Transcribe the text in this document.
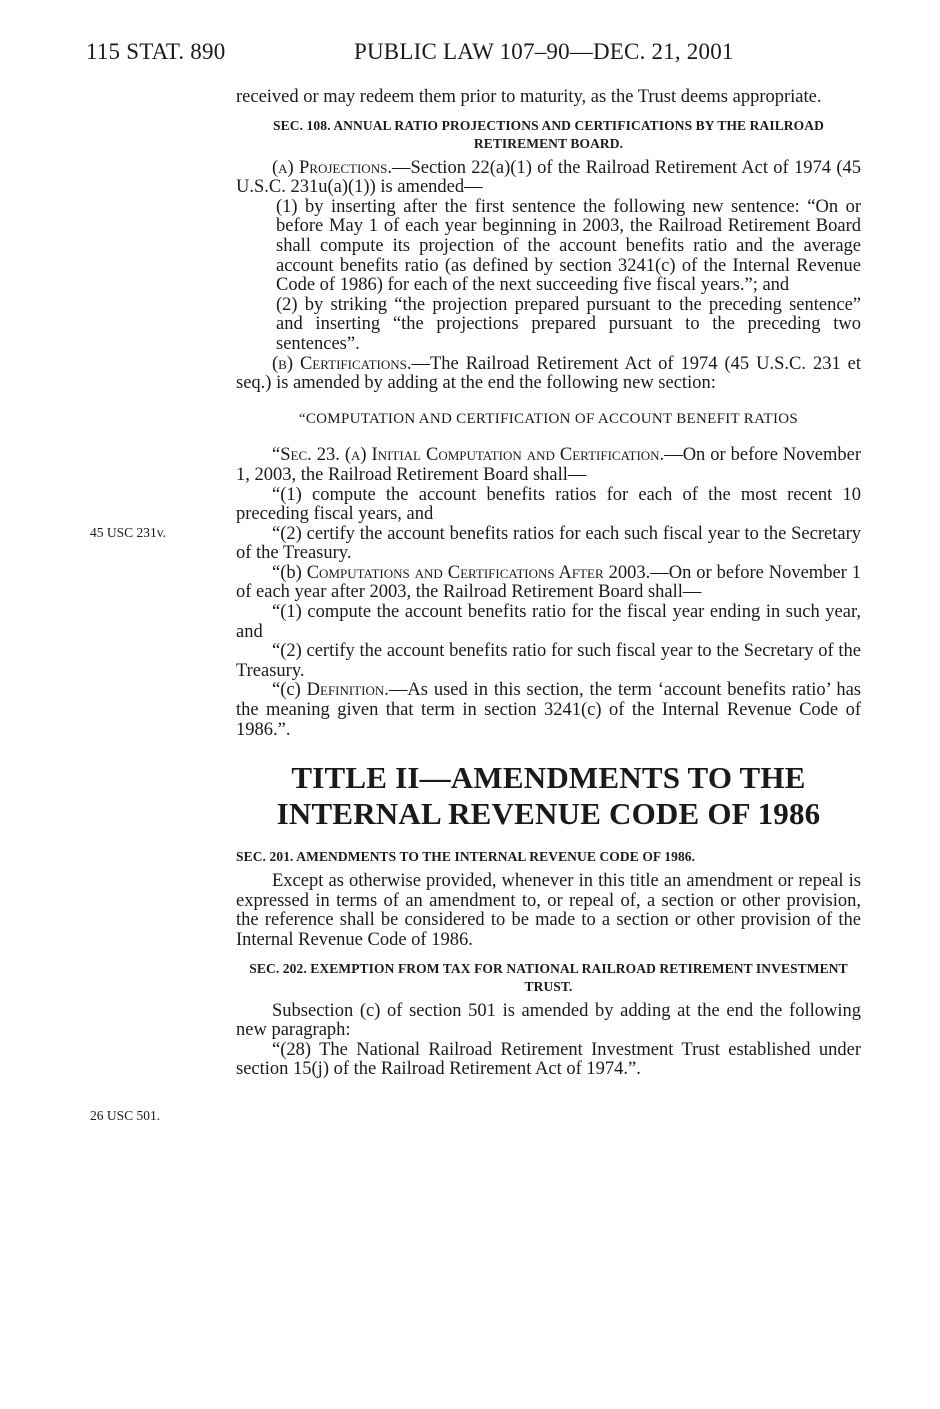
115 STAT. 890	PUBLIC LAW 107–90—DEC. 21, 2001
45 USC 231v.
26 USC 501.

received or may redeem them prior to maturity, as the Trust deems appropriate.

SEC. 108. ANNUAL RATIO PROJECTIONS AND CERTIFICATIONS BY THE RAILROAD RETIREMENT BOARD.

(a) Projections.—Section 22(a)(1) of the Railroad Retirement Act of 1974 (45 U.S.C. 231u(a)(1)) is amended—

(1) by inserting after the first sentence the following new sentence: “On or before May 1 of each year beginning in 2003, the Railroad Retirement Board shall compute its projection of the account benefits ratio and the average account benefits ratio (as defined by section 3241(c) of the Internal Revenue Code of 1986) for each of the next succeeding five fiscal years.”; and

(2) by striking “the projection prepared pursuant to the preceding sentence” and inserting “the projections prepared pursuant to the preceding two sentences”.

(b) Certifications.—The Railroad Retirement Act of 1974 (45 U.S.C. 231 et seq.) is amended by adding at the end the following new section:

“COMPUTATION AND CERTIFICATION OF ACCOUNT BENEFIT RATIOS

“Sec. 23. (a) Initial Computation and Certification.—On or before November 1, 2003, the Railroad Retirement Board shall—

“(1) compute the account benefits ratios for each of the most recent 10 preceding fiscal years, and

“(2) certify the account benefits ratios for each such fiscal year to the Secretary of the Treasury.

“(b) Computations and Certifications After 2003.—On or before November 1 of each year after 2003, the Railroad Retirement Board shall—

“(1) compute the account benefits ratio for the fiscal year ending in such year, and

“(2) certify the account benefits ratio for such fiscal year to the Secretary of the Treasury.

“(c) Definition.—As used in this section, the term ‘account benefits ratio’ has the meaning given that term in section 3241(c) of the Internal Revenue Code of 1986.”.

TITLE II—AMENDMENTS TO THE
INTERNAL REVENUE CODE OF 1986

SEC. 201. AMENDMENTS TO THE INTERNAL REVENUE CODE OF 1986.

Except as otherwise provided, whenever in this title an amendment or repeal is expressed in terms of an amendment to, or repeal of, a section or other provision, the reference shall be considered to be made to a section or other provision of the Internal Revenue Code of 1986.

SEC. 202. EXEMPTION FROM TAX FOR NATIONAL RAILROAD RETIREMENT INVESTMENT TRUST.

Subsection (c) of section 501 is amended by adding at the end the following new paragraph:

“(28) The National Railroad Retirement Investment Trust established under section 15(j) of the Railroad Retirement Act of 1974.”.
